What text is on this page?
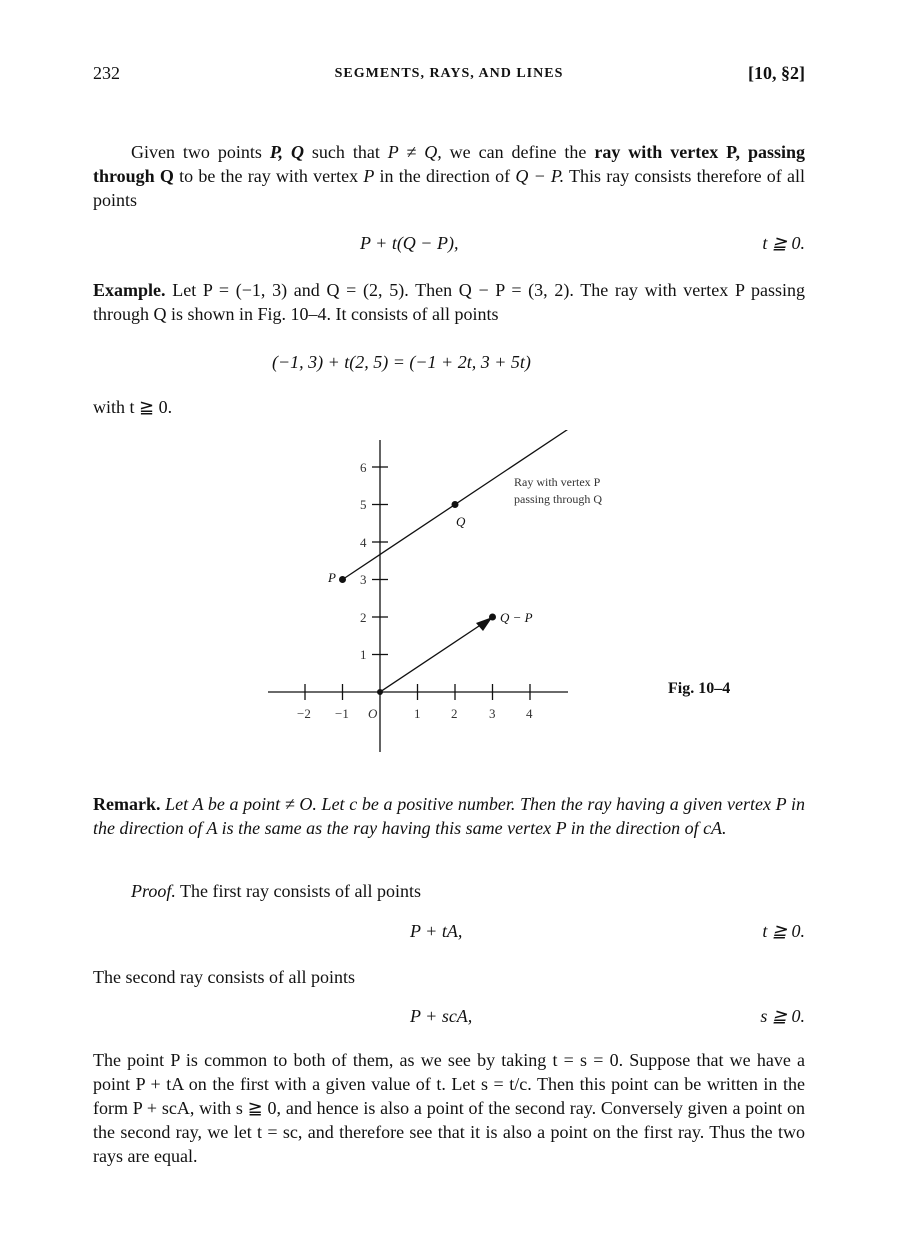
232	SEGMENTS, RAYS, AND LINES	[10, §2]
Given two points P, Q such that P ≠ Q, we can define the ray with vertex P, passing through Q to be the ray with vertex P in the direction of Q − P. This ray consists therefore of all points
P + t(Q − P),	t ≧ 0.
Example. Let P = (−1, 3) and Q = (2, 5). Then Q − P = (3, 2). The ray with vertex P passing through Q is shown in Fig. 10–4. It consists of all points
(−1, 3) + t(2, 5) = (−1 + 2t, 3 + 5t)
with t ≧ 0.
1
2
3
4
5
6
−2 −1 O	1 2 3 4
P
Q
Q − P
Ray with vertex P
passing through Q
Fig. 10–4
Remark. Let A be a point ≠ O. Let c be a positive number. Then the ray having a given vertex P in the direction of A is the same as the ray having this same vertex P in the direction of cA.
Proof. The first ray consists of all points
P + tA,	t ≧ 0.
The second ray consists of all points
P + scA,	s ≧ 0.
The point P is common to both of them, as we see by taking t = s = 0. Suppose that we have a point P + tA on the first with a given value of t. Let s = t/c. Then this point can be written in the form P + scA, with s ≧ 0, and hence is also a point of the second ray. Conversely given a point on the second ray, we let t = sc, and therefore see that it is also a point on the first ray. Thus the two rays are equal.
